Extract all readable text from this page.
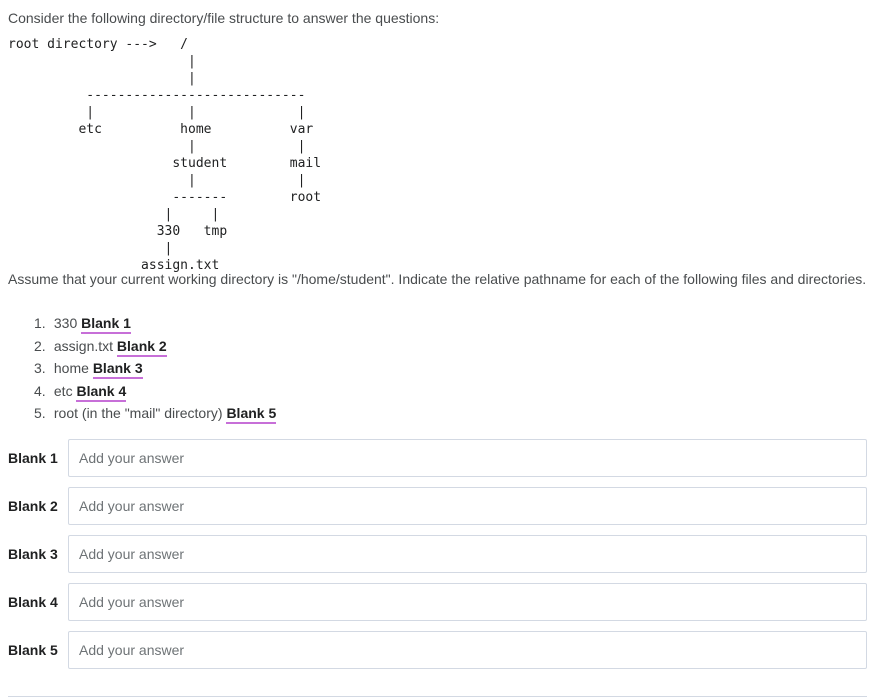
Consider the following directory/file structure to answer the questions:
root directory --->   /
|
|
----------------------------
|            |             |
etc          home          var
|             |
student        mail
|             |
-------        root
|     |
330   tmp
|
assign.txt
Assume that your current working directory is "/home/student". Indicate the relative pathname for each of the following files and directories.
1. 330 Blank 1
2. assign.txt Blank 2
3. home Blank 3
4. etc Blank 4
5. root (in the "mail" directory) Blank 5
Blank 1
Add your answer
Blank 2
Add your answer
Blank 3
Add your answer
Blank 4
Add your answer
Blank 5
Add your answer
